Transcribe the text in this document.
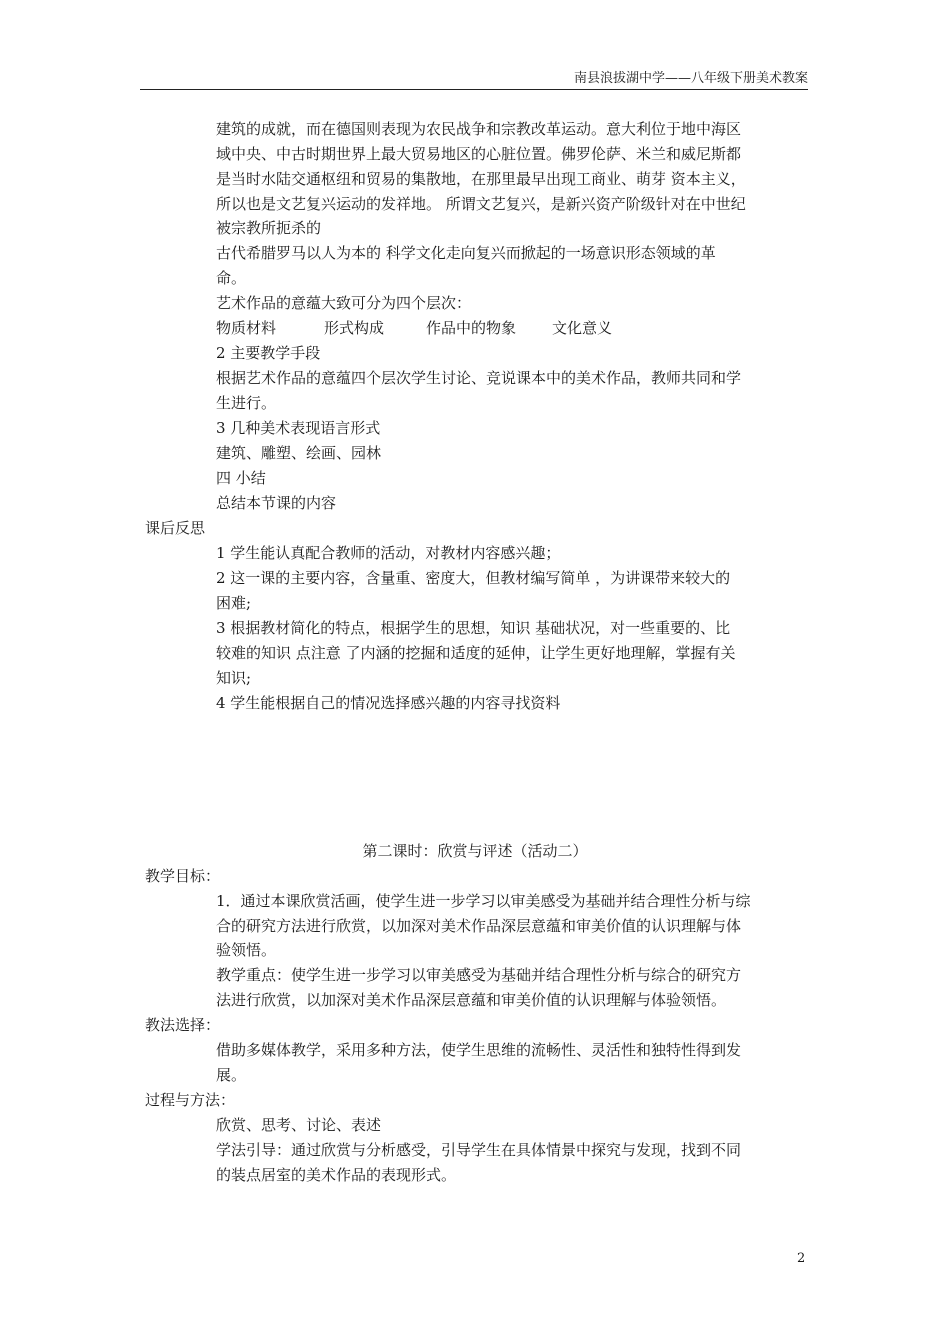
南县浪拔湖中学——八年级下册美术教案
建筑的成就，而在德国则表现为农民战争和宗教改革运动。意大利位于地中海区
域中央、中古时期世界上最大贸易地区的心脏位置。佛罗伦萨、米兰和威尼斯都
是当时水陆交通枢纽和贸易的集散地，在那里最早出现工商业、萌芽 资本主义，
所以也是文艺复兴运动的发祥地。 所谓文艺复兴，是新兴资产阶级针对在中世纪
被宗教所扼杀的
古代希腊罗马以人为本的 科学文化走向复兴而掀起的一场意识形态领域的革
命。
艺术作品的意蕴大致可分为四个层次：
物质材料	形式构成	作品中的物象 文化意义
2 主要教学手段
根据艺术作品的意蕴四个层次学生讨论、竞说课本中的美术作品，教师共同和学
生进行。
3 几种美术表现语言形式
建筑、雕塑、绘画、园林
四 小结
总结本节课的内容
课后反思
1 学生能认真配合教师的活动，对教材内容感兴趣；
2 这一课的主要内容，含量重、密度大，但教材编写简单 ，为讲课带来较大的
困难;
3 根据教材简化的特点，根据学生的思想，知识 基础状况，对一些重要的、比
较难的知识 点注意 了内涵的挖掘和适度的延伸，让学生更好地理解，掌握有关
知识;
4 学生能根据自己的情况选择感兴趣的内容寻找资料
第二课时：欣赏与评述（活动二）
教学目标：
1．通过本课欣赏活画，使学生进一步学习以审美感受为基础并结合理性分析与综
合的研究方法进行欣赏，以加深对美术作品深层意蕴和审美价值的认识理解与体
验领悟。
教学重点：使学生进一步学习以审美感受为基础并结合理性分析与综合的研究方
法进行欣赏，以加深对美术作品深层意蕴和审美价值的认识理解与体验领悟。
教法选择：
借助多媒体教学，采用多种方法，使学生思维的流畅性、灵活性和独特性得到发
展。
过程与方法：
欣赏、思考、讨论、表述
学法引导：通过欣赏与分析感受，引导学生在具体情景中探究与发现，找到不同
的装点居室的美术作品的表现形式。
2
